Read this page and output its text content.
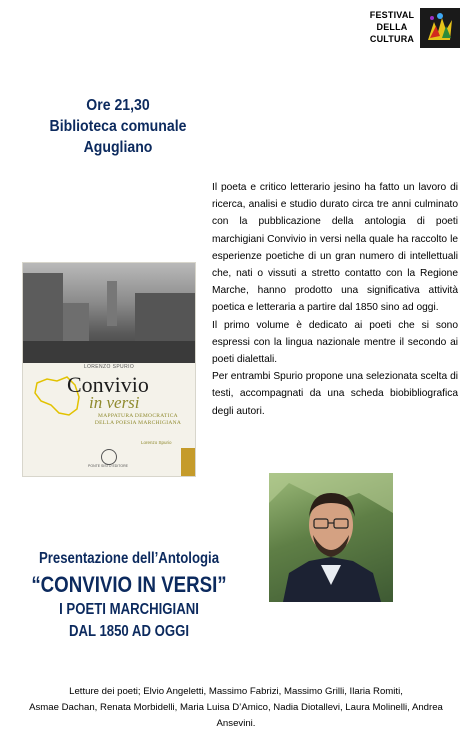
FESTIVAL
DELLA
CULTURA
Ore 21,30
Biblioteca comunale
Agugliano

Il poeta e critico letterario jesino ha fatto un lavoro di ricerca, analisi e studio durato circa tre anni culminato con la pubblicazione della antologia di poeti marchigiani Convivio in versi nella quale ha raccolto le esperienze poetiche di un gran numero di intellettuali che, nati o vissuti a stretto contatto con la Regione Marche, hanno prodotto una significativa attività poetica e letteraria a partire dal 1850 sino ad oggi.

Il primo volume è dedicato ai poeti che si sono espressi con la lingua nazionale mentre il secondo ai poeti dialettali.

Per entrambi Spurio propone una selezionata scelta di testi, accompagnati da una scheda biobibliografica degli autori.

LORENZO SPURIO
Convivio
in versi
MAPPATURA DEMOCRATICA
DELLA POESIA MARCHIGIANA
Lorenzo Spurio
PONTE SISTO EDITORE
Presentazione dell’Antologia
“CONVIVIO IN VERSI”
I POETI MARCHIGIANI
DAL 1850 AD OGGI
Letture dei poeti; Elvio Angeletti, Massimo Fabrizi, Massimo Grilli, Ilaria Romiti,
Asmae Dachan, Renata Morbidelli, Maria Luisa D’Amico, Nadia Diotallevi, Laura Molinelli, Andrea Ansevini.
